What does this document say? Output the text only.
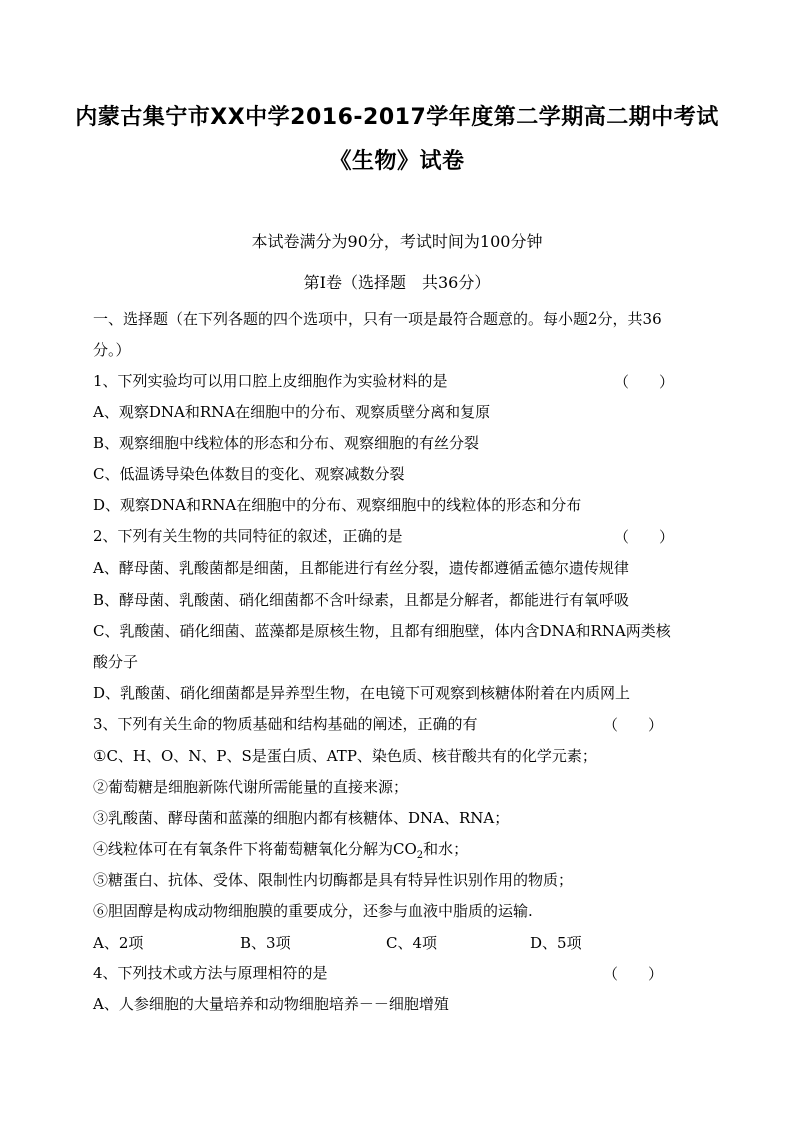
内蒙古集宁市XX中学2016-2017学年度第二学期高二期中考试
《生物》试卷
本试卷满分为90分，考试时间为100分钟
第Ⅰ卷（选择题　共36分）
一、选择题（在下列各题的四个选项中，只有一项是最符合题意的。每小题2分，共36
分。）
1、下列实验均可以用口腔上皮细胞作为实验材料的是	（　　）
A、观察DNA和RNA在细胞中的分布、观察质壁分离和复原
B、观察细胞中线粒体的形态和分布、观察细胞的有丝分裂
C、低温诱导染色体数目的变化、观察减数分裂
D、观察DNA和RNA在细胞中的分布、观察细胞中的线粒体的形态和分布
2、下列有关生物的共同特征的叙述，正确的是	（　　）
A、酵母菌、乳酸菌都是细菌，且都能进行有丝分裂，遗传都遵循孟德尔遗传规律
B、酵母菌、乳酸菌、硝化细菌都不含叶绿素，且都是分解者，都能进行有氧呼吸
C、乳酸菌、硝化细菌、蓝藻都是原核生物，且都有细胞壁，体内含DNA和RNA两类核
酸分子
D、乳酸菌、硝化细菌都是异养型生物，在电镜下可观察到核糖体附着在内质网上
3、下列有关生命的物质基础和结构基础的阐述，正确的有	（　　）
①C、H、O、N、P、S是蛋白质、ATP、染色质、核苷酸共有的化学元素；
②葡萄糖是细胞新陈代谢所需能量的直接来源；
③乳酸菌、酵母菌和蓝藻的细胞内都有核糖体、DNA、RNA；
④线粒体可在有氧条件下将葡萄糖氧化分解为$CO_2$和水；
⑤糖蛋白、抗体、受体、限制性内切酶都是具有特异性识别作用的物质；
⑥胆固醇是构成动物细胞膜的重要成分，还参与血液中脂质的运输.
A、2项	B、3项	C、4项	D、5项
4、下列技术或方法与原理相符的是	（　　）
A、人参细胞的大量培养和动物细胞培养－－细胞增殖
